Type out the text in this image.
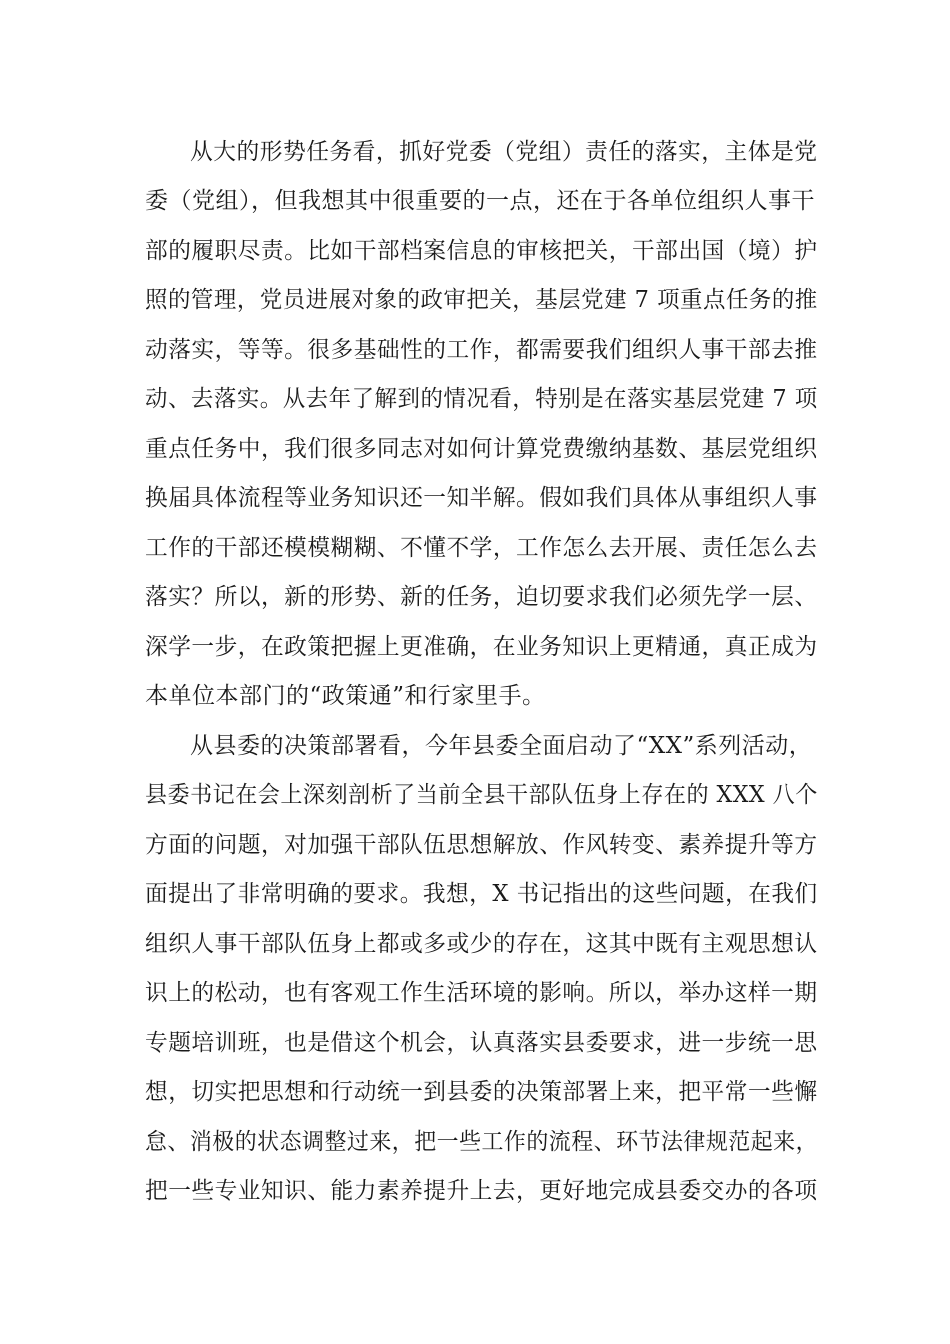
从大的形势任务看，抓好党委（党组）责任的落实，主体是党
委（党组），但我想其中很重要的一点，还在于各单位组织人事干
部的履职尽责。比如干部档案信息的审核把关，干部出国（境）护
照的管理，党员进展对象的政审把关，基层党建 7 项重点任务的推
动落实，等等。很多基础性的工作，都需要我们组织人事干部去推
动、去落实。从去年了解到的情况看，特别是在落实基层党建 7 项
重点任务中，我们很多同志对如何计算党费缴纳基数、基层党组织
换届具体流程等业务知识还一知半解。假如我们具体从事组织人事
工作的干部还模模糊糊、不懂不学，工作怎么去开展、责任怎么去
落实？所以，新的形势、新的任务，迫切要求我们必须先学一层、
深学一步，在政策把握上更准确，在业务知识上更精通，真正成为
本单位本部门的“政策通”和行家里手。
从县委的决策部署看，今年县委全面启动了“XX”系列活动，
县委书记在会上深刻剖析了当前全县干部队伍身上存在的 XXX 八个
方面的问题，对加强干部队伍思想解放、作风转变、素养提升等方
面提出了非常明确的要求。我想，X 书记指出的这些问题，在我们
组织人事干部队伍身上都或多或少的存在，这其中既有主观思想认
识上的松动，也有客观工作生活环境的影响。所以，举办这样一期
专题培训班，也是借这个机会，认真落实县委要求，进一步统一思
想，切实把思想和行动统一到县委的决策部署上来，把平常一些懈
怠、消极的状态调整过来，把一些工作的流程、环节法律规范起来，
把一些专业知识、能力素养提升上去，更好地完成县委交办的各项
